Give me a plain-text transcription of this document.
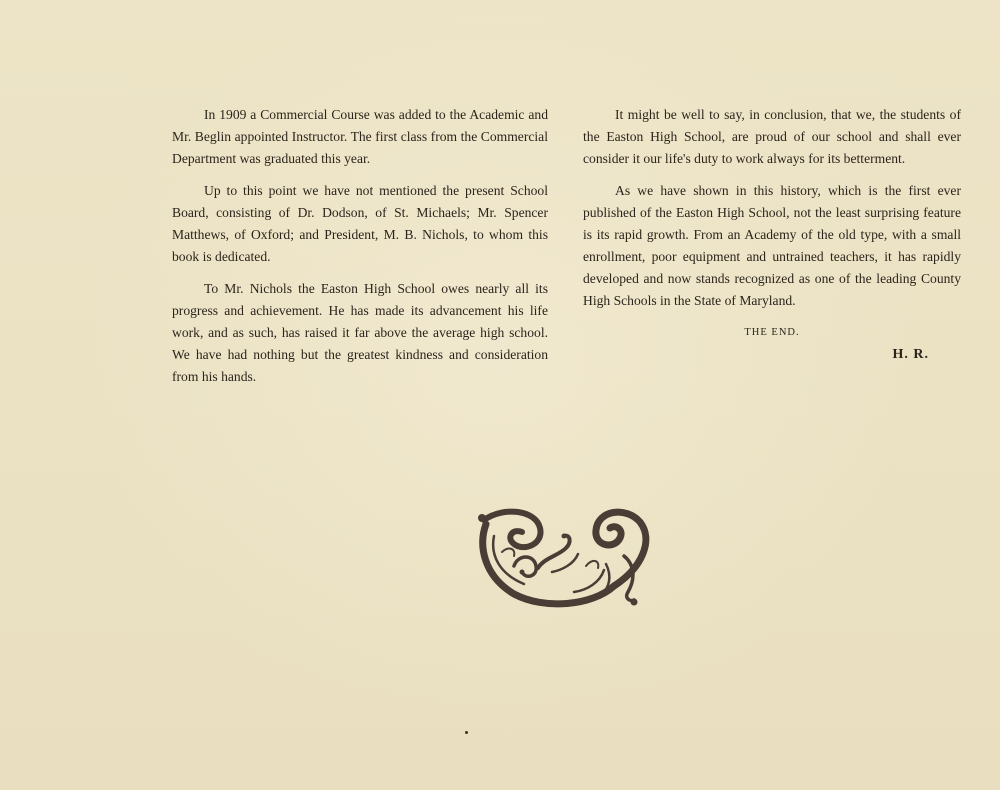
In 1909 a Commercial Course was added to the Academic and Mr. Beglin appointed Instructor. The first class from the Commercial Department was graduated this year.

Up to this point we have not mentioned the present School Board, consisting of Dr. Dodson, of St. Michaels; Mr. Spencer Matthews, of Oxford; and President, M. B. Nichols, to whom this book is dedicated.

To Mr. Nichols the Easton High School owes nearly all its progress and achievement. He has made its advancement his life work, and as such, has raised it far above the average high school. We have had nothing but the greatest kindness and consideration from his hands.

It might be well to say, in conclusion, that we, the students of the Easton High School, are proud of our school and shall ever consider it our life's duty to work always for its betterment.

As we have shown in this history, which is the first ever published of the Easton High School, not the least surprising feature is its rapid growth. From an Academy of the old type, with a small enrollment, poor equipment and untrained teachers, it has rapidly developed and now stands recognized as one of the leading County High Schools in the State of Maryland.

THE END.
H. R.
